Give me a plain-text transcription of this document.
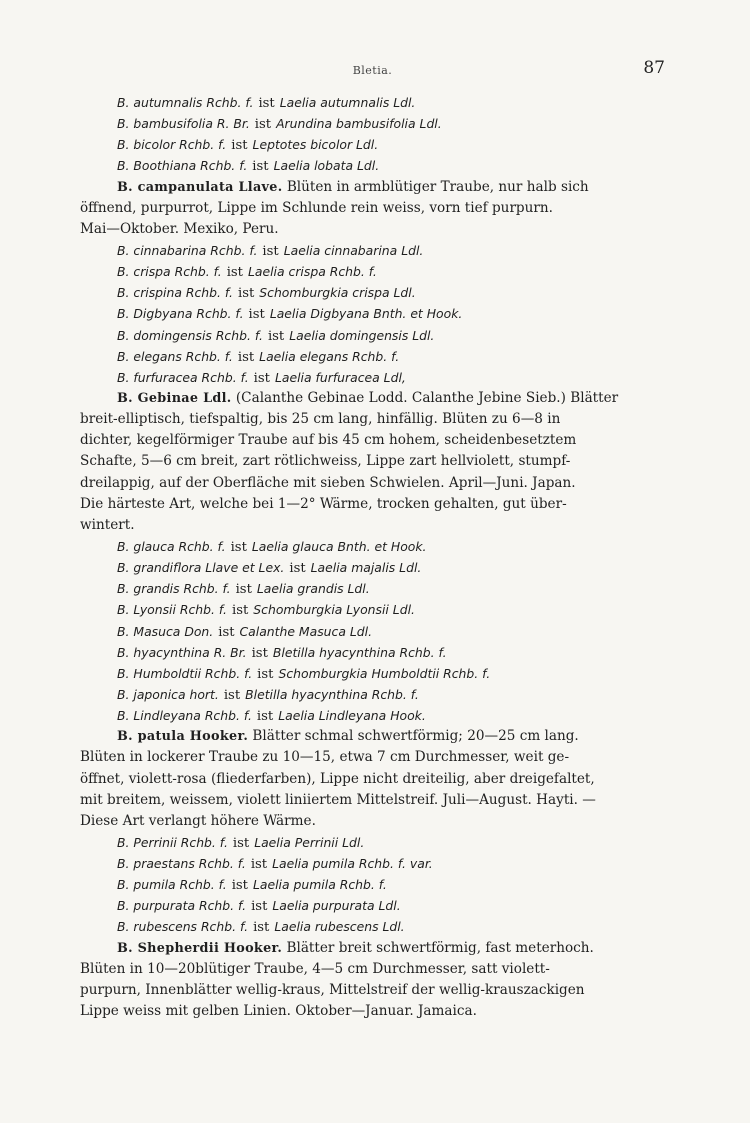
Bletia.	87
B. autumnalis Rchb. f. ist Laelia autumnalis Ldl.
B. bambusifolia R. Br. ist Arundina bambusifolia Ldl.
B. bicolor Rchb. f. ist Leptotes bicolor Ldl.
B. Boothiana Rchb. f. ist Laelia lobata Ldl.
B. campanulata Llave. Blüten in armblütiger Traube, nur halb sich
öffnend, purpurrot, Lippe im Schlunde rein weiss, vorn tief purpurn.
Mai—Oktober. Mexiko, Peru.
B. cinnabarina Rchb. f. ist Laelia cinnabarina Ldl.
B. crispa Rchb. f. ist Laelia crispa Rchb. f.
B. crispina Rchb. f. ist Schomburgkia crispa Ldl.
B. Digbyana Rchb. f. ist Laelia Digbyana Bnth. et Hook.
B. domingensis Rchb. f. ist Laelia domingensis Ldl.
B. elegans Rchb. f. ist Laelia elegans Rchb. f.
B. furfuracea Rchb. f. ist Laelia furfuracea Ldl,
B. Gebinae Ldl. (Calanthe Gebinae Lodd. Calanthe Jebine Sieb.) Blätter
breit-elliptisch, tiefspaltig, bis 25 cm lang, hinfällig. Blüten zu 6—8 in
dichter, kegelförmiger Traube auf bis 45 cm hohem, scheidenbesetztem
Schafte, 5—6 cm breit, zart rötlichweiss, Lippe zart hellviolett, stumpf-
dreilappig, auf der Oberfläche mit sieben Schwielen. April—Juni. Japan.
Die härteste Art, welche bei 1—2° Wärme, trocken gehalten, gut über-
wintert.
B. glauca Rchb. f. ist Laelia glauca Bnth. et Hook.
B. grandiflora Llave et Lex. ist Laelia majalis Ldl.
B. grandis Rchb. f. ist Laelia grandis Ldl.
B. Lyonsii Rchb. f. ist Schomburgkia Lyonsii Ldl.
B. Masuca Don. ist Calanthe Masuca Ldl.
B. hyacynthina R. Br. ist Bletilla hyacynthina Rchb. f.
B. Humboldtii Rchb. f. ist Schomburgkia Humboldtii Rchb. f.
B. japonica hort. ist Bletilla hyacynthina Rchb. f.
B. Lindleyana Rchb. f. ist Laelia Lindleyana Hook.
B. patula Hooker. Blätter schmal schwertförmig; 20—25 cm lang.
Blüten in lockerer Traube zu 10—15, etwa 7 cm Durchmesser, weit ge-
öffnet, violett-rosa (fliederfarben), Lippe nicht dreiteilig, aber dreigefaltet,
mit breitem, weissem, violett liniiertem Mittelstreif. Juli—August. Hayti. —
Diese Art verlangt höhere Wärme.
B. Perrinii Rchb. f. ist Laelia Perrinii Ldl.
B. praestans Rchb. f. ist Laelia pumila Rchb. f. var.
B. pumila Rchb. f. ist Laelia pumila Rchb. f.
B. purpurata Rchb. f. ist Laelia purpurata Ldl.
B. rubescens Rchb. f. ist Laelia rubescens Ldl.
B. Shepherdii Hooker. Blätter breit schwertförmig, fast meterhoch.
Blüten in 10—20blütiger Traube, 4—5 cm Durchmesser, satt violett-
purpurn, Innenblätter wellig-kraus, Mittelstreif der wellig-krauszackigen
Lippe weiss mit gelben Linien. Oktober—Januar. Jamaica.
